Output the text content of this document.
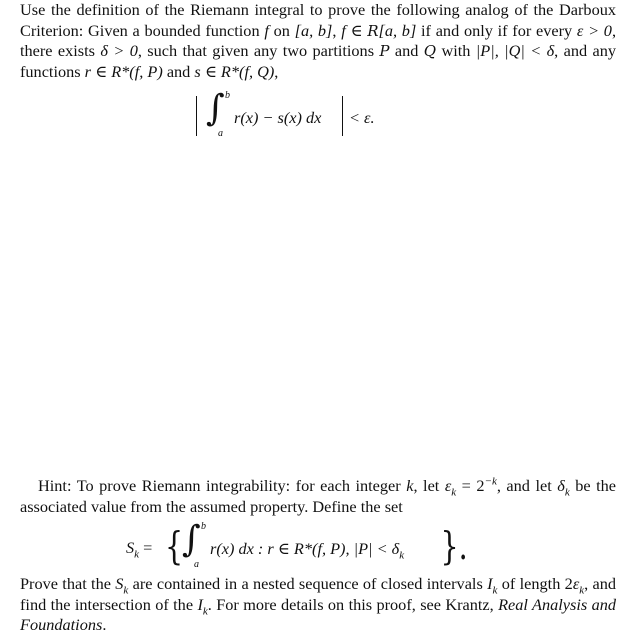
Use the definition of the Riemann integral to prove the following analog of the Darboux Criterion: Given a bounded function f on [a, b], f ∈ R[a, b] if and only if for every ε > 0, there exists δ > 0, such that given any two partitions P and Q with |P|, |Q| < δ, and any functions r ∈ R*(f, P) and s ∈ R*(f, Q),
∫ b
a
r(x) − s(x) dx < ε.
Hint: To prove Riemann integrability: for each integer k, let $\varepsilon_k = 2^{-k}$, and let $\delta_k$ be the associated value from the assumed property. Define the set
$S_k$ = {
∫ b
a
r(x) dx : r ∈ R*(f, P), $|P| < \delta_k$ }.
Prove that the $S_k$ are contained in a nested sequence of closed intervals $I_k$ of length $2\varepsilon_k$, and find the intersection of the $I_k$. For more details on this proof, see Krantz, Real Analysis and Foundations.
